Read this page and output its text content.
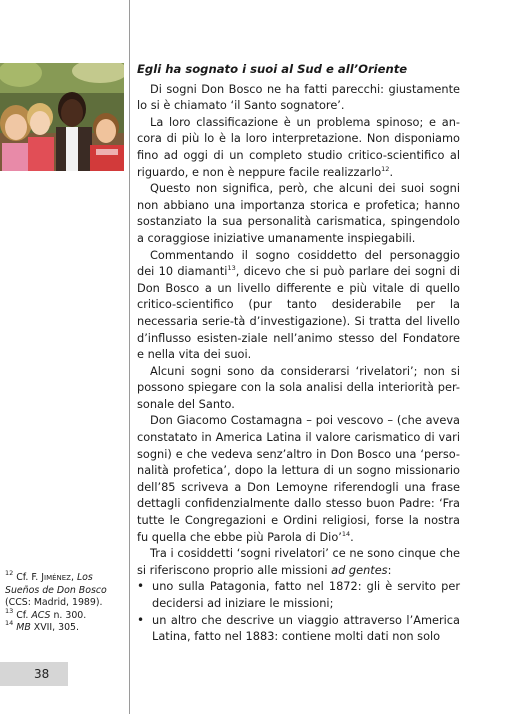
Egli ha sognato i suoi al Sud e all’Oriente

Di sogni Don Bosco ne ha fatti parecchi: giustamente lo si è chiamato ‘il Santo sognatore’.

La loro classificazione è un problema spinoso; e an-cora di più lo è la loro interpretazione. Non disponiamo fino ad oggi di un completo studio critico-scientifico al riguardo, e non è neppure facile realizzarlo$^{12}$.

Questo non significa, però, che alcuni dei suoi sogni non abbiano una importanza storica e profetica; hanno sostanziato la sua personalità carismatica, spingendolo a coraggiose iniziative umanamente inspiegabili.

Commentando il sogno cosiddetto del personaggio dei 10 diamanti$^{13}$, dicevo che si può parlare dei sogni di Don Bosco a un livello differente e più vitale di quello critico-scientifico (pur tanto desiderabile per la necessaria serie-tà d’investigazione). Si tratta del livello d’influsso esisten-ziale nell’animo stesso del Fondatore e nella vita dei suoi.

Alcuni sogni sono da considerarsi ‘rivelatori’; non si possono spiegare con la sola analisi della interiorità per-sonale del Santo.

Don Giacomo Costamagna – poi vescovo – (che aveva constatato in America Latina il valore carismatico di vari sogni) e che vedeva senz’altro in Don Bosco una ‘perso-nalità profetica’, dopo la lettura di un sogno missionario dell’85 scriveva a Don Lemoyne riferendogli una frase dettagli confidenzialmente dallo stesso buon Padre: ‘Fra tutte le Congregazioni e Ordini religiosi, forse la nostra fu quella che ebbe più Parola di Dio’$^{14}$.

Tra i cosiddetti ‘sogni rivelatori’ ce ne sono cinque che si riferiscono proprio alle missioni ad gentes:

• uno sulla Patagonia, fatto nel 1872: gli è servito per decidersi ad iniziare le missioni;
• un altro che descrive un viaggio attraverso l’America Latina, fatto nel 1883: contiene molti dati non solo

$^{12}$ Cf. F. Jiménez, Los Sueños de Don Bosco (CCS: Madrid, 1989).

$^{13}$ Cf. ACS n. 300.

$^{14}$ MB XVII, 305.

38
